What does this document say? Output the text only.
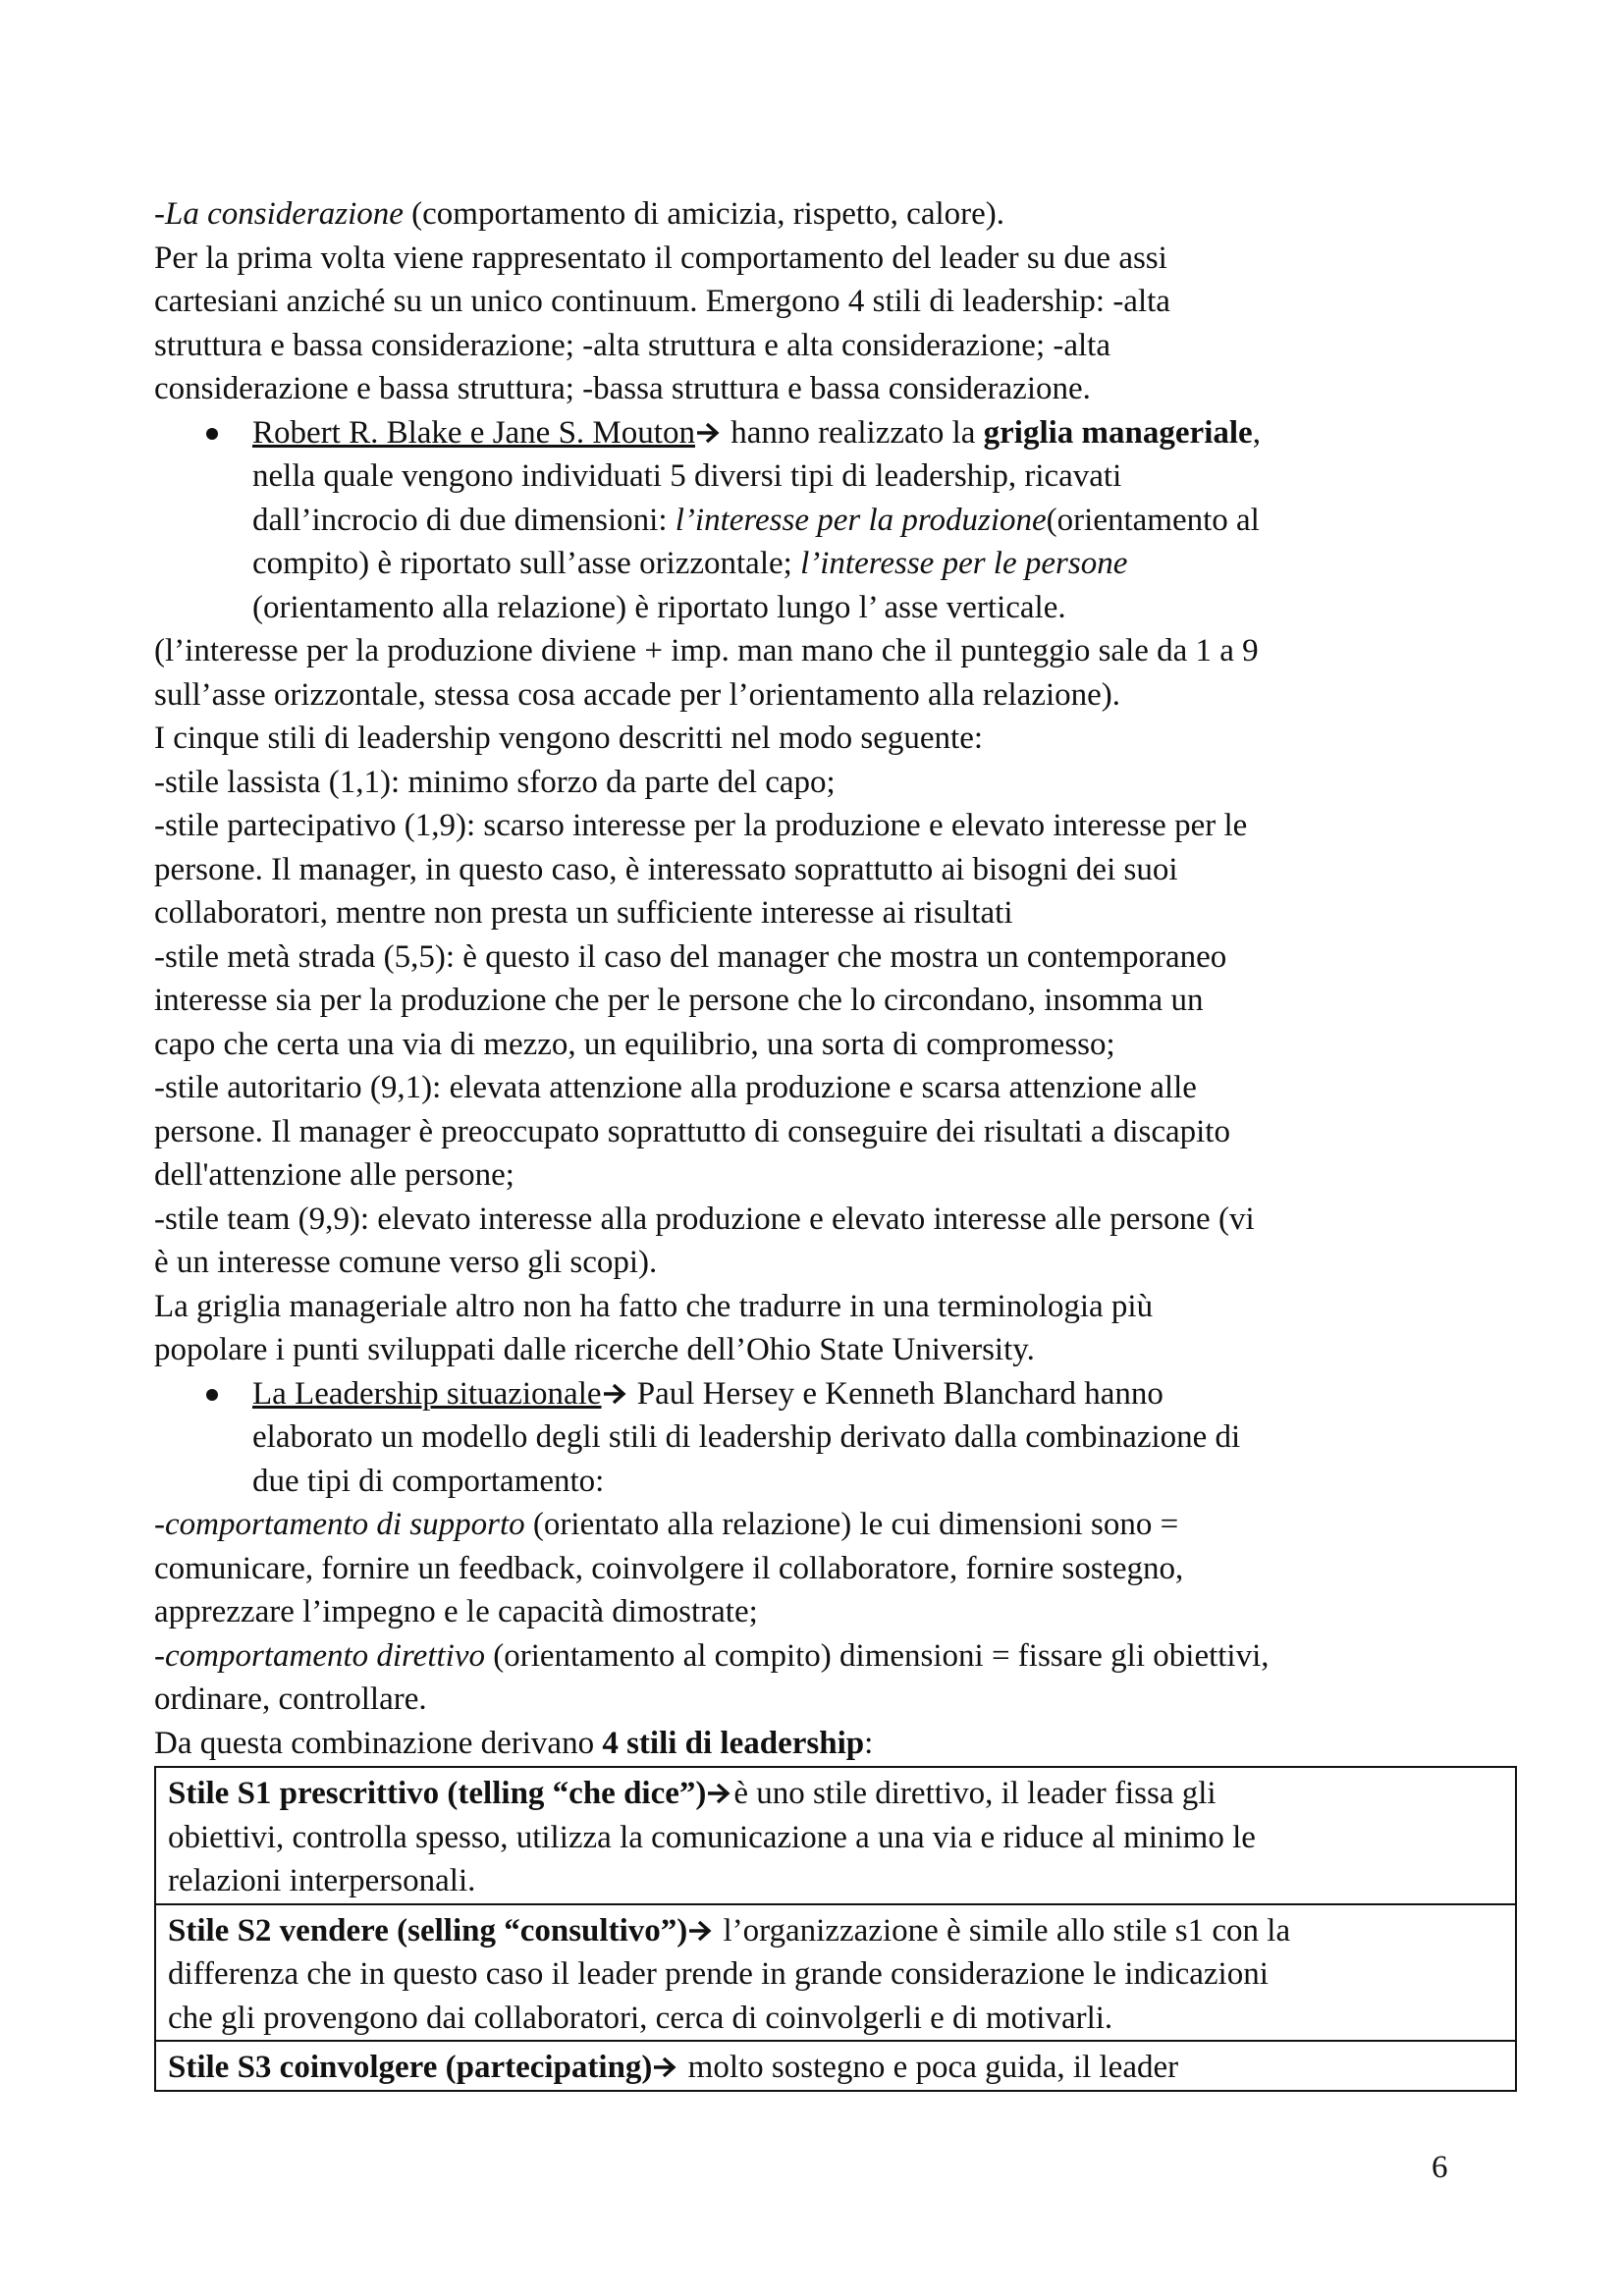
-La considerazione (comportamento di amicizia, rispetto, calore).
Per la prima volta viene rappresentato il comportamento del leader su due assi
cartesiani anziché su un unico continuum. Emergono 4 stili di leadership: -alta
struttura e bassa considerazione; -alta struttura e alta considerazione; -alta
considerazione e bassa struttura; -bassa struttura e bassa considerazione.
Robert R. Blake e Jane S. Mouton hanno realizzato la griglia manageriale,
nella quale vengono individuati 5 diversi tipi di leadership, ricavati
dall’incrocio di due dimensioni: l’interesse per la produzione(orientamento al
compito) è riportato sull’asse orizzontale; l’interesse per le persone
(orientamento alla relazione) è riportato lungo l’ asse verticale.
(l’interesse per la produzione diviene + imp. man mano che il punteggio sale da 1 a 9
sull’asse orizzontale, stessa cosa accade per l’orientamento alla relazione).
I cinque stili di leadership vengono descritti nel modo seguente:
-stile lassista (1,1): minimo sforzo da parte del capo;
-stile partecipativo (1,9): scarso interesse per la produzione e elevato interesse per le
persone. Il manager, in questo caso, è interessato soprattutto ai bisogni dei suoi
collaboratori, mentre non presta un sufficiente interesse ai risultati
-stile metà strada (5,5): è questo il caso del manager che mostra un contemporaneo
interesse sia per la produzione che per le persone che lo circondano, insomma un
capo che certa una via di mezzo, un equilibrio, una sorta di compromesso;
-stile autoritario (9,1): elevata attenzione alla produzione e scarsa attenzione alle
persone. Il manager è preoccupato soprattutto di conseguire dei risultati a discapito
dell'attenzione alle persone;
-stile team (9,9): elevato interesse alla produzione e elevato interesse alle persone (vi
è un interesse comune verso gli scopi).
La griglia manageriale altro non ha fatto che tradurre in una terminologia più
popolare i punti sviluppati dalle ricerche dell’Ohio State University.
La Leadership situazionale Paul Hersey e Kenneth Blanchard hanno
elaborato un modello degli stili di leadership derivato dalla combinazione di
due tipi di comportamento:
-comportamento di supporto (orientato alla relazione) le cui dimensioni sono =
comunicare, fornire un feedback, coinvolgere il collaboratore, fornire sostegno,
apprezzare l’impegno e le capacità dimostrate;
-comportamento direttivo (orientamento al compito) dimensioni = fissare gli obiettivi,
ordinare, controllare.
Da questa combinazione derivano 4 stili di leadership:
Stile S1 prescrittivo (telling “che dice”) è uno stile direttivo, il leader fissa gli
obiettivi, controlla spesso, utilizza la comunicazione a una via e riduce al minimo le
relazioni interpersonali.
Stile S2 vendere (selling “consultivo”) l’organizzazione è simile allo stile s1 con la
differenza che in questo caso il leader prende in grande considerazione le indicazioni
che gli provengono dai collaboratori, cerca di coinvolgerli e di motivarli.
Stile S3 coinvolgere (partecipating) molto sostegno e poca guida, il leader
6
